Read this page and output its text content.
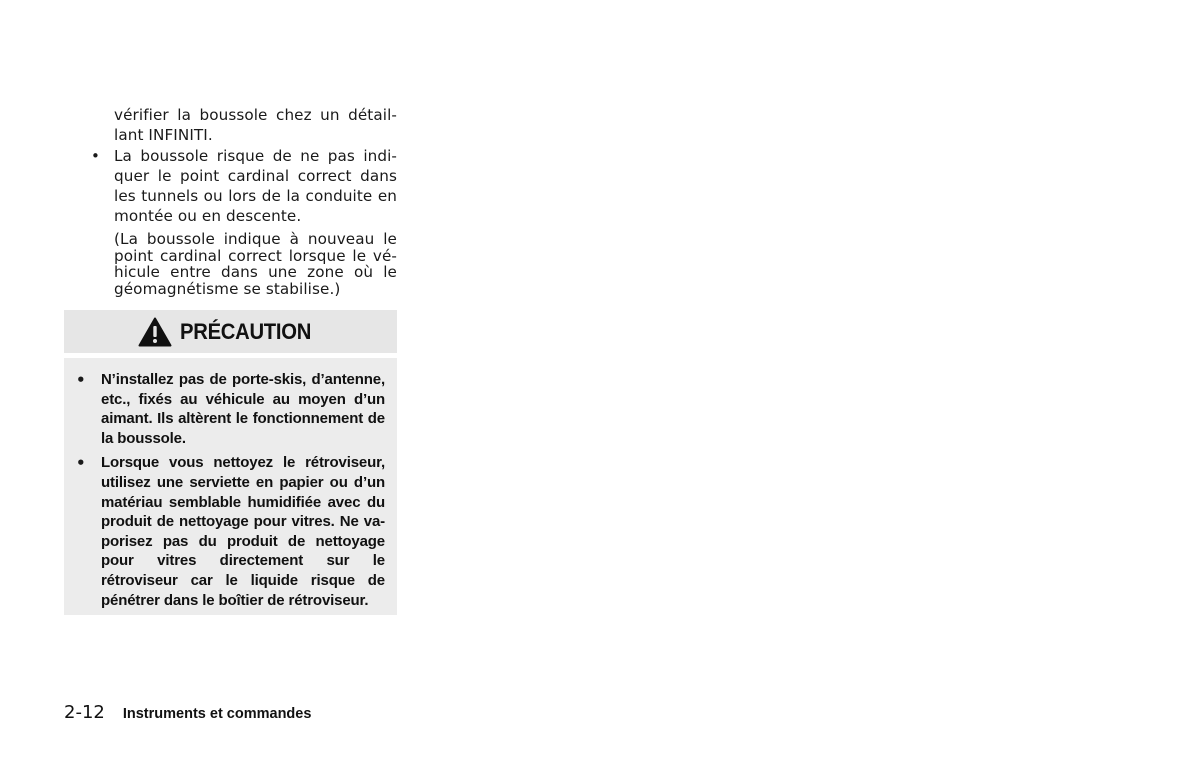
vérifier la boussole chez un détail- lant INFINITI.

• La boussole risque de ne pas indi- quer le point cardinal correct dans les tunnels ou lors de la conduite en montée ou en descente.

(La boussole indique à nouveau le point cardinal correct lorsque le vé- hicule entre dans une zone où le géomagnétisme se stabilise.)

PRÉCAUTION
• N’installez pas de porte-skis, d’antenne, etc., fixés au véhicule au moyen d’un aimant. Ils altèrent le fonctionnement de la boussole.
• Lorsque vous nettoyez le rétroviseur, utilisez une serviette en papier ou d’un matériau semblable humidifiée avec du produit de nettoyage pour vitres. Ne va- porisez pas du produit de nettoyage pour vitres directement sur le rétroviseur car le liquide risque de pénétrer dans le boîtier de rétroviseur.
2-12 Instruments et commandes
